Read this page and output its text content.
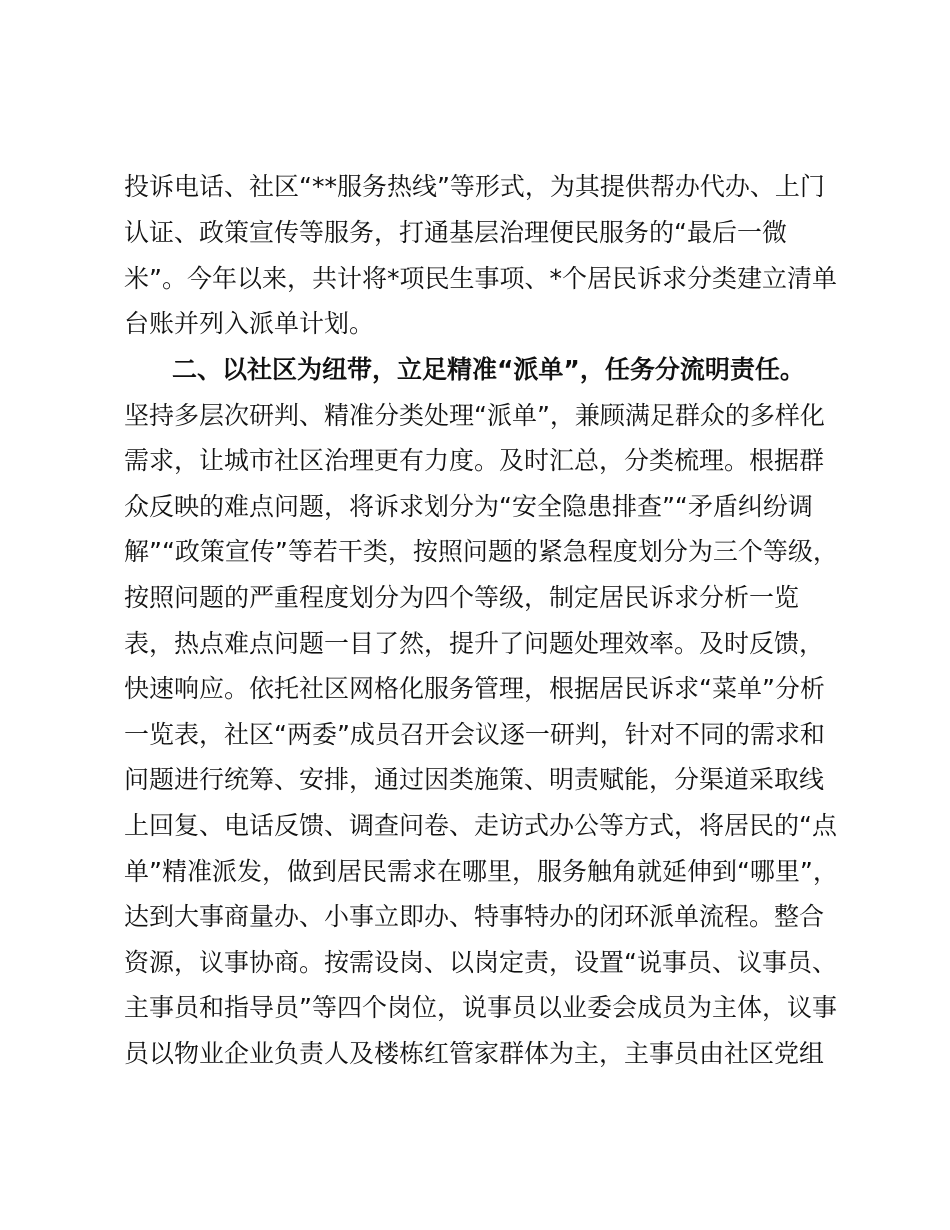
投诉电话、社区“**服务热线”等形式，为其提供帮办代办、上门
认证、政策宣传等服务，打通基层治理便民服务的“最后一微
米”。今年以来，共计将*项民生事项、*个居民诉求分类建立清单
台账并列入派单计划。
二、以社区为纽带，立足精准“派单”，任务分流明责任。
坚持多层次研判、精准分类处理“派单”，兼顾满足群众的多样化
需求，让城市社区治理更有力度。及时汇总，分类梳理。根据群
众反映的难点问题，将诉求划分为“安全隐患排查”“矛盾纠纷调
解”“政策宣传”等若干类，按照问题的紧急程度划分为三个等级，
按照问题的严重程度划分为四个等级，制定居民诉求分析一览
表，热点难点问题一目了然，提升了问题处理效率。及时反馈，
快速响应。依托社区网格化服务管理，根据居民诉求“菜单”分析
一览表，社区“两委”成员召开会议逐一研判，针对不同的需求和
问题进行统筹、安排，通过因类施策、明责赋能，分渠道采取线
上回复、电话反馈、调查问卷、走访式办公等方式，将居民的“点
单”精准派发，做到居民需求在哪里，服务触角就延伸到“哪里”，
达到大事商量办、小事立即办、特事特办的闭环派单流程。整合
资源，议事协商。按需设岗、以岗定责，设置“说事员、议事员、
主事员和指导员”等四个岗位，说事员以业委会成员为主体，议事
员以物业企业负责人及楼栋红管家群体为主，主事员由社区党组
